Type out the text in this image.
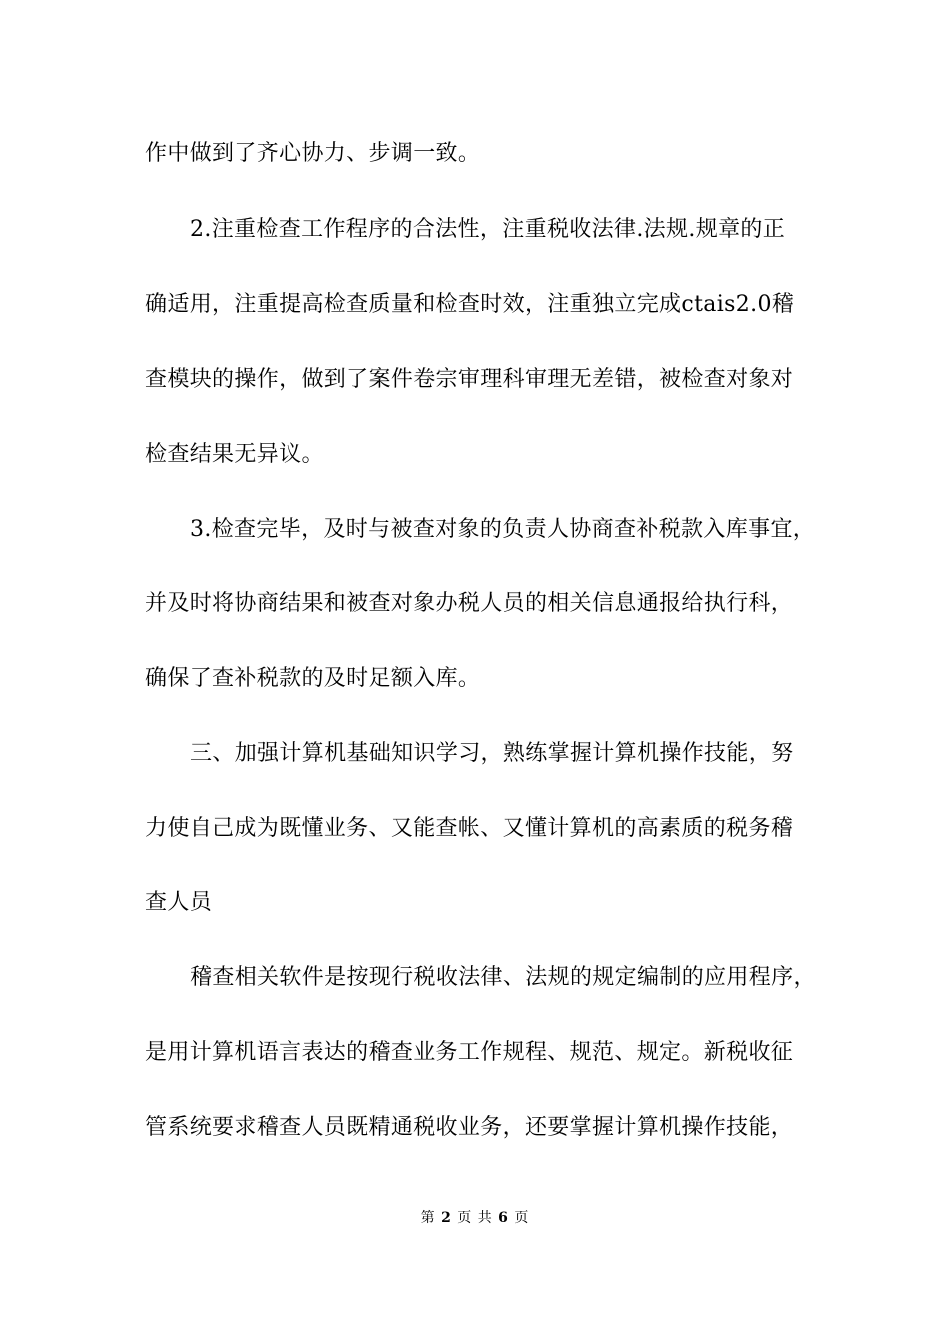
作中做到了齐心协力、步调一致。
2.注重检查工作程序的合法性，注重税收法律.法规.规章的正
确适用，注重提高检查质量和检查时效，注重独立完成ctais2.0稽
查模块的操作，做到了案件卷宗审理科审理无差错，被检查对象对
检查结果无异议。
3.检查完毕，及时与被查对象的负责人协商查补税款入库事宜，
并及时将协商结果和被查对象办税人员的相关信息通报给执行科，
确保了查补税款的及时足额入库。
三、加强计算机基础知识学习，熟练掌握计算机操作技能，努
力使自己成为既懂业务、又能查帐、又懂计算机的高素质的税务稽
查人员
稽查相关软件是按现行税收法律、法规的规定编制的应用程序，
是用计算机语言表达的稽查业务工作规程、规范、规定。新税收征
管系统要求稽查人员既精通税收业务，还要掌握计算机操作技能，
第 2 页 共 6 页
